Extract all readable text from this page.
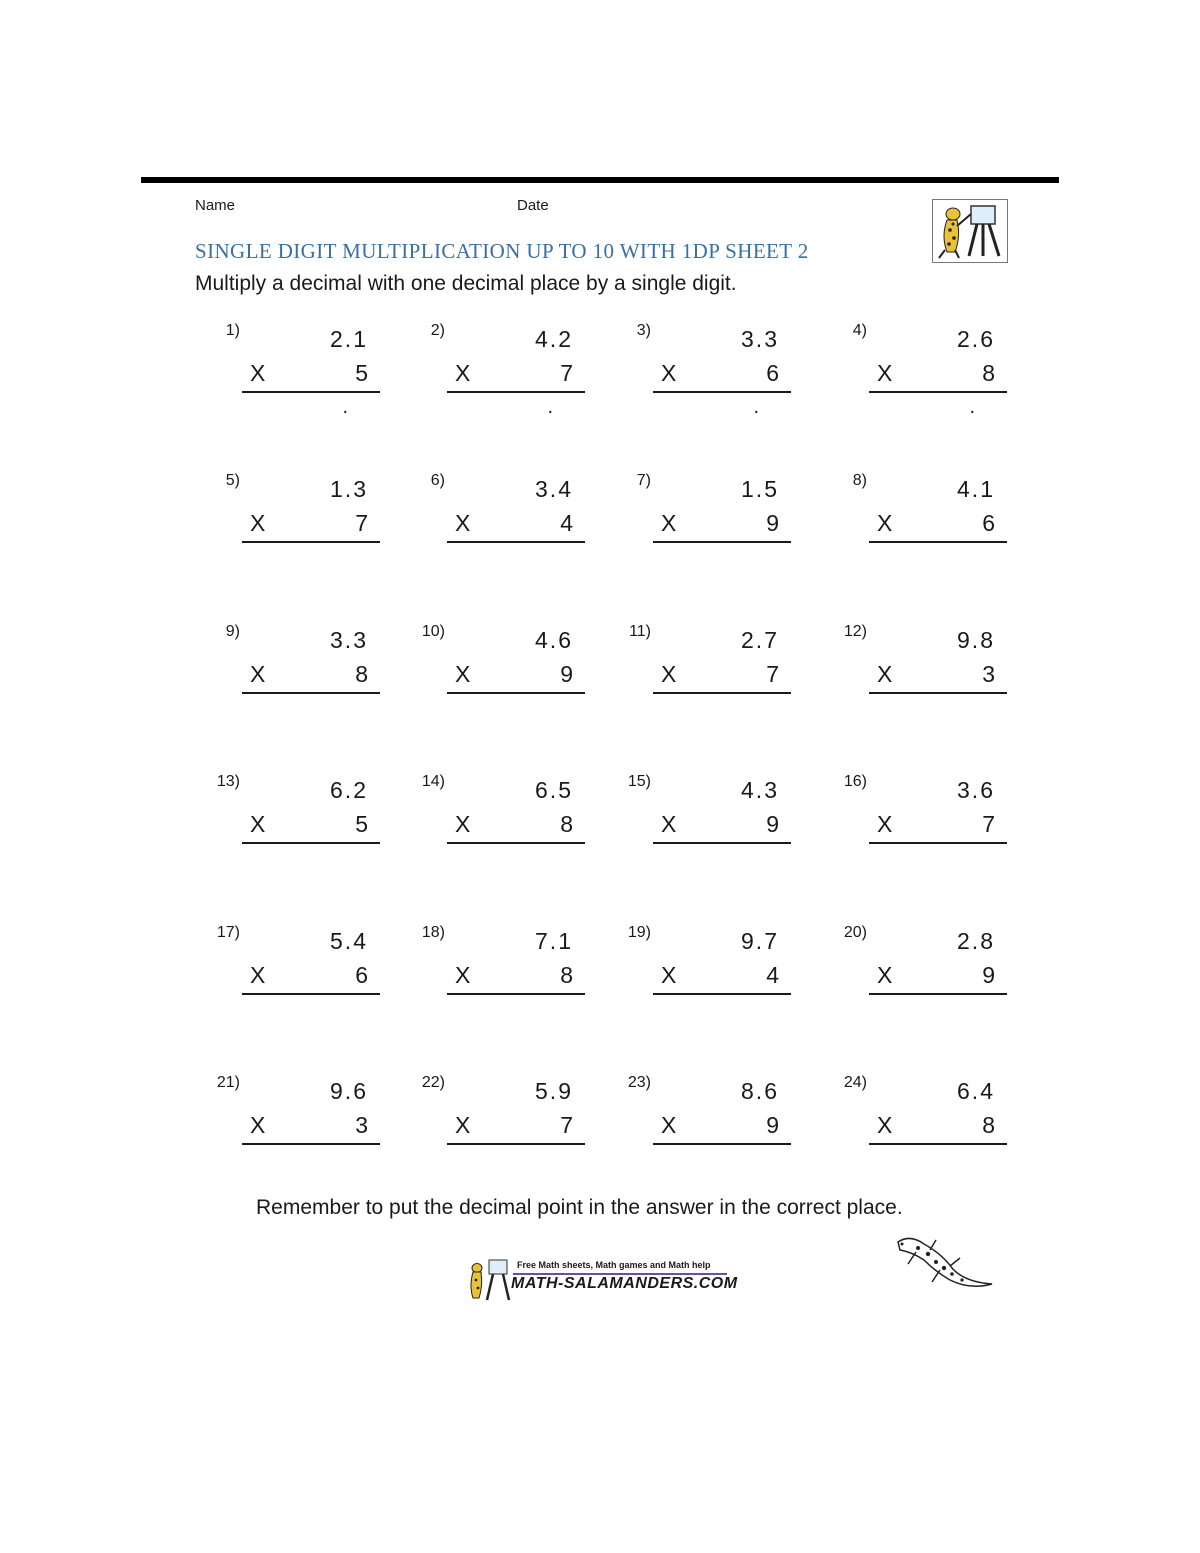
Name	Date
SINGLE DIGIT MULTIPLICATION UP TO 10 WITH 1DP SHEET 2
Multiply a decimal with one decimal place by a single digit.
1)	2.1
X	5
.
2)	4.2
X	7
.
3)	3.3
X	6
.
4)	2.6
X	8
.
5)	1.3
X	7
6)	3.4
X	4
7)	1.5
X	9
8)	4.1
X	6
9)	3.3
X	8
10)	4.6
X	9
11)	2.7
X	7
12)	9.8
X	3
13)	6.2
X	5
14)	6.5
X	8
15)	4.3
X	9
16)	3.6
X	7
17)	5.4
X	6
18)	7.1
X	8
19)	9.7
X	4
20)	2.8
X	9
21)	9.6
X	3
22)	5.9
X	7
23)	8.6
X	9
24)	6.4
X	8
Remember to put the decimal point in the answer in the correct place.
Free Math sheets, Math games and Math help
MATH-SALAMANDERS.COM
